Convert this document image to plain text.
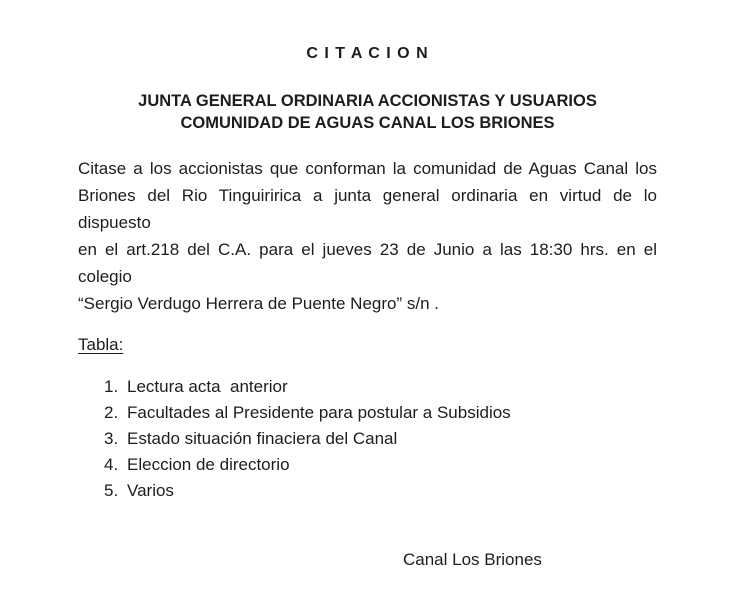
C I T A C I O N
JUNTA GENERAL ORDINARIA ACCIONISTAS Y USUARIOS
COMUNIDAD DE AGUAS CANAL LOS BRIONES
Citase a los accionistas que conforman la comunidad de Aguas Canal los
Briones del Rio Tinguiririca a junta general ordinaria en virtud de lo dispuesto
en el art.218 del C.A. para el jueves 23 de Junio a las 18:30 hrs. en el colegio
“Sergio Verdugo Herrera de Puente Negro” s/n .
Tabla:
1. Lectura acta  anterior
2. Facultades al Presidente para postular a Subsidios
3. Estado situación finaciera del Canal
4. Eleccion de directorio
5. Varios
Canal Los Briones
